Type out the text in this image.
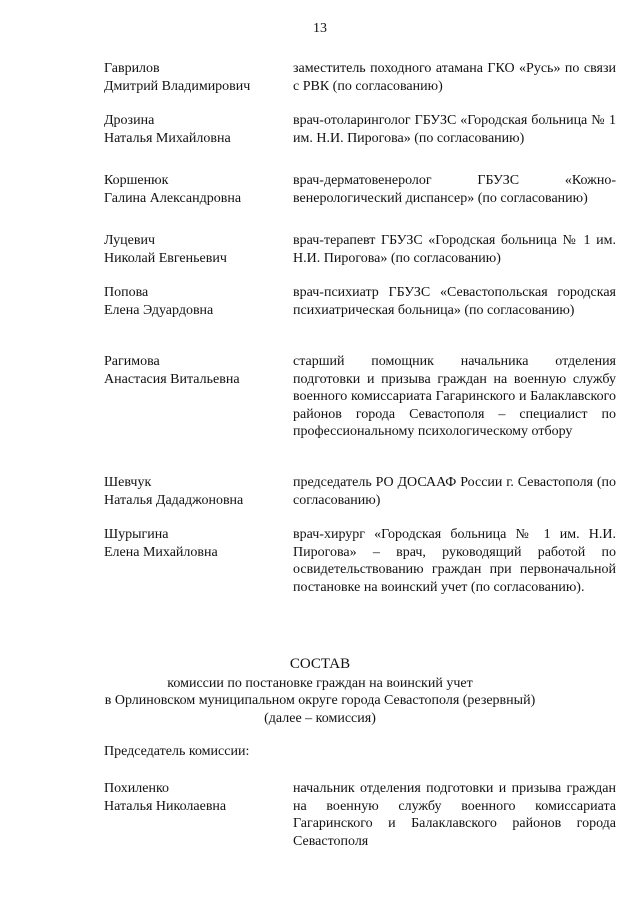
13
Гаврилов
Дмитрий Владимирович
заместитель походного атамана ГКО «Русь» по связи с РВК (по согласованию)
Дрозина
Наталья Михайловна
врач-отоларинголог ГБУЗС «Городская больница № 1 им. Н.И. Пирогова» (по согласованию)
Коршенюк
Галина Александровна
врач-дерматовенеролог ГБУЗС «Кожно-венерологический диспансер» (по согласованию)
Луцевич
Николай Евгеньевич
врач-терапевт ГБУЗС «Городская больница № 1 им. Н.И. Пирогова» (по согласованию)
Попова
Елена Эдуардовна
врач-психиатр ГБУЗС «Севастопольская городская психиатрическая больница» (по согласованию)
Рагимова
Анастасия Витальевна
старший помощник начальника отделения подготовки и призыва граждан на военную службу военного комиссариата Гагаринского и Балаклавского районов города Севастополя – специалист по профессиональному психологическому отбору
Шевчук
Наталья Дададжоновна
председатель РО ДОСААФ России г. Севастополя (по согласованию)
Шурыгина
Елена Михайловна
врач-хирург «Городская больница № 1 им. Н.И. Пирогова» – врач, руководящий работой по освидетельствованию граждан при первоначальной постановке на воинский учет (по согласованию).
СОСТАВ
комиссии по постановке граждан на воинский учет
в Орлиновском муниципальном округе города Севастополя (резервный)
(далее – комиссия)
Председатель комиссии:
Похиленко
Наталья Николаевна
начальник отделения подготовки и призыва граждан на военную службу военного комиссариата Гагаринского и Балаклавского районов города Севастополя
